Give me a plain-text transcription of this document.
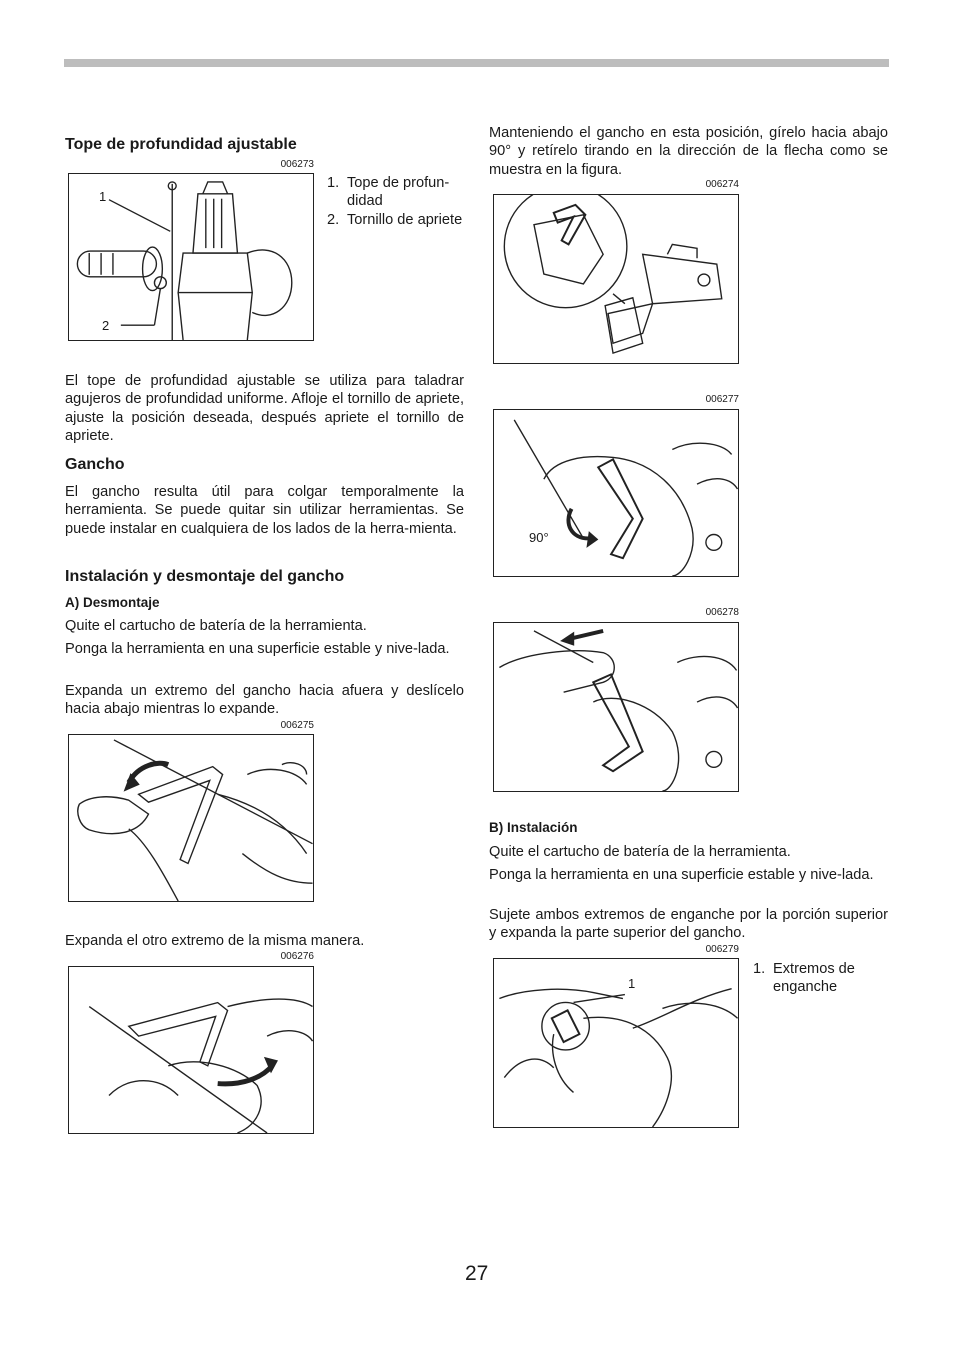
Tope de profundidad ajustable
006273
1
2
1. Tope de profun-didad
2. Tornillo de apriete
El tope de profundidad ajustable se utiliza para taladrar agujeros de profundidad uniforme. Afloje el tornillo de apriete, ajuste la posición deseada, después apriete el tornillo de apriete.
Gancho
El gancho resulta útil para colgar temporalmente la herramienta. Se puede quitar sin utilizar herramientas. Se puede instalar en cualquiera de los lados de la herra-mienta.
Instalación y desmontaje del gancho
A) Desmontaje
Quite el cartucho de batería de la herramienta.
Ponga la herramienta en una superficie estable y nive-lada.
Expanda un extremo del gancho hacia afuera y deslícelo hacia abajo mientras lo expande.
006275
Expanda el otro extremo de la misma manera.
006276
Manteniendo el gancho en esta posición, gírelo hacia abajo 90° y retírelo tirando en la dirección de la flecha como se muestra en la figura.
006274
006277
90°
006278
B) Instalación
Quite el cartucho de batería de la herramienta.
Ponga la herramienta en una superficie estable y nive-lada.
Sujete ambos extremos de enganche por la porción superior y expanda la parte superior del gancho.
006279
1
1. Extremos de enganche
27
